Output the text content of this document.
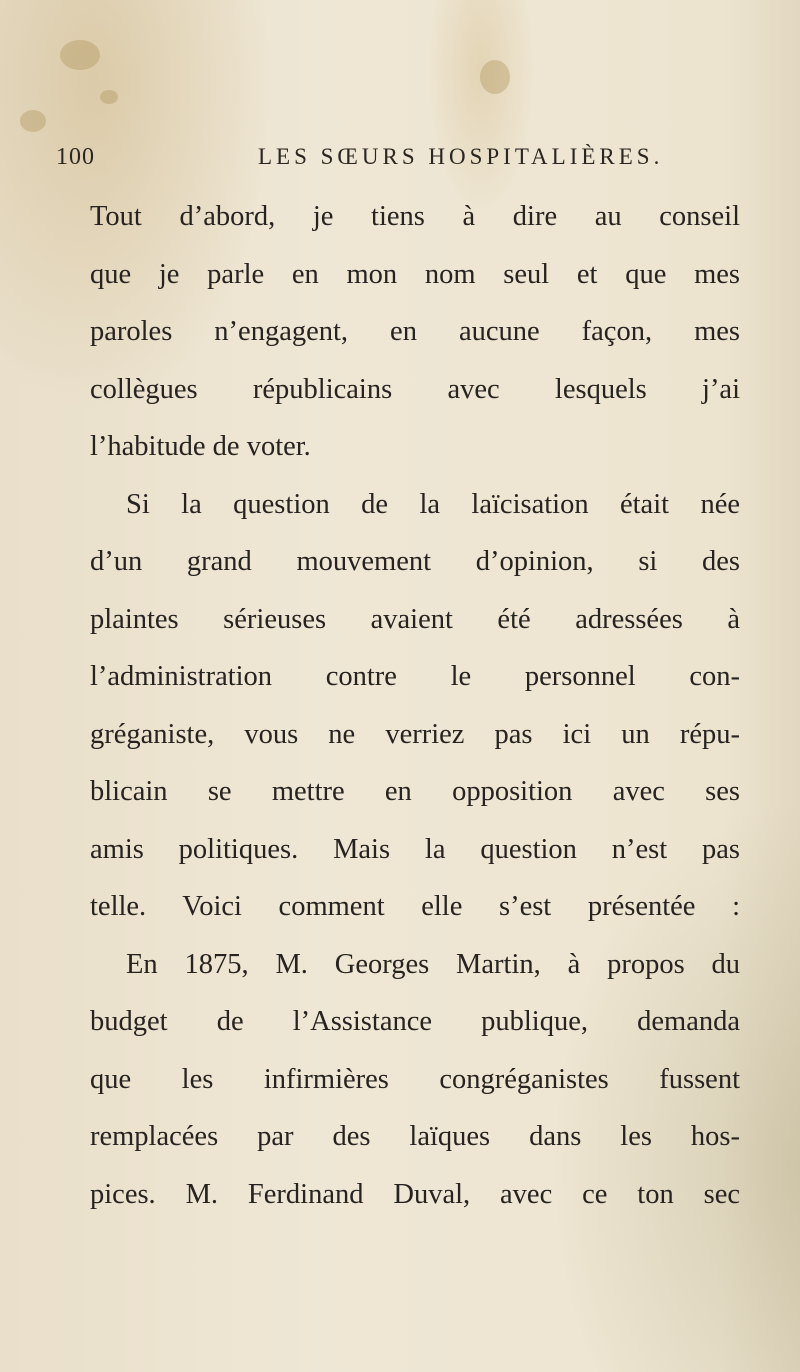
100	LES SŒURS HOSPITALIÈRES.
Tout d’abord, je tiens à dire au conseil
que je parle en mon nom seul et que mes
paroles n’engagent, en aucune façon, mes
collègues républicains avec lesquels j’ai
l’habitude de voter.
Si la question de la laïcisation était née
d’un grand mouvement d’opinion, si des
plaintes sérieuses avaient été adressées à
l’administration contre le personnel con-
gréganiste, vous ne verriez pas ici un répu-
blicain se mettre en opposition avec ses
amis politiques. Mais la question n’est pas
telle. Voici comment elle s’est présentée :
En 1875, M. Georges Martin, à propos du
budget de l’Assistance publique, demanda
que les infirmières congréganistes fussent
remplacées par des laïques dans les hos-
pices. M. Ferdinand Duval, avec ce ton sec
